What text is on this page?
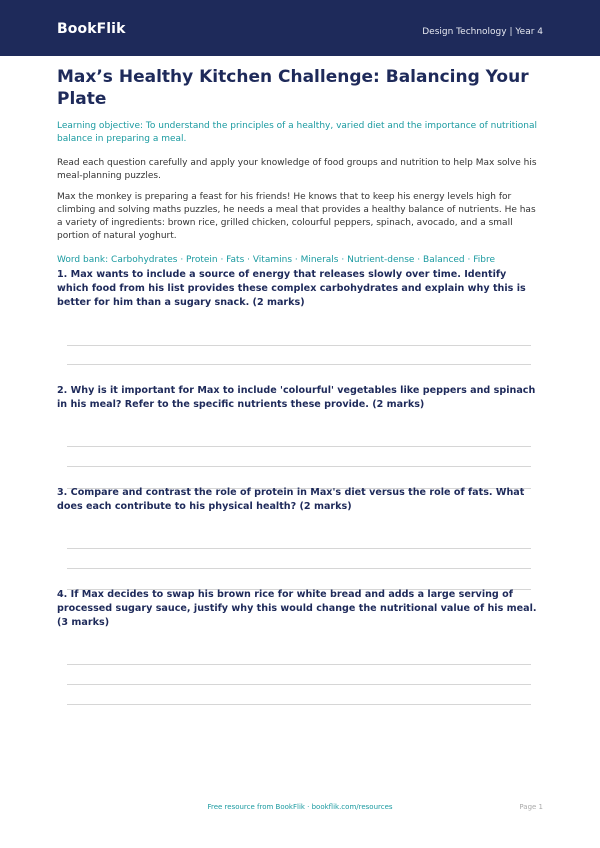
BookFlik	Design Technology | Year 4
Max’s Healthy Kitchen Challenge: Balancing Your Plate
Learning objective: To understand the principles of a healthy, varied diet and the importance of nutritional balance in preparing a meal.
Read each question carefully and apply your knowledge of food groups and nutrition to help Max solve his meal-planning puzzles.
Max the monkey is preparing a feast for his friends! He knows that to keep his energy levels high for climbing and solving maths puzzles, he needs a meal that provides a healthy balance of nutrients. He has a variety of ingredients: brown rice, grilled chicken, colourful peppers, spinach, avocado, and a small portion of natural yoghurt.
Word bank: Carbohydrates · Protein · Fats · Vitamins · Minerals · Nutrient-dense · Balanced · Fibre
1. Max wants to include a source of energy that releases slowly over time. Identify which food from his list provides these complex carbohydrates and explain why this is better for him than a sugary snack. (2 marks)
2. Why is it important for Max to include 'colourful' vegetables like peppers and spinach in his meal? Refer to the specific nutrients these provide. (2 marks)
3. Compare and contrast the role of protein in Max's diet versus the role of fats. What does each contribute to his physical health? (2 marks)
4. If Max decides to swap his brown rice for white bread and adds a large serving of processed sugary sauce, justify why this would change the nutritional value of his meal. (3 marks)
Free resource from BookFlik · bookflik.com/resources	Page 1
